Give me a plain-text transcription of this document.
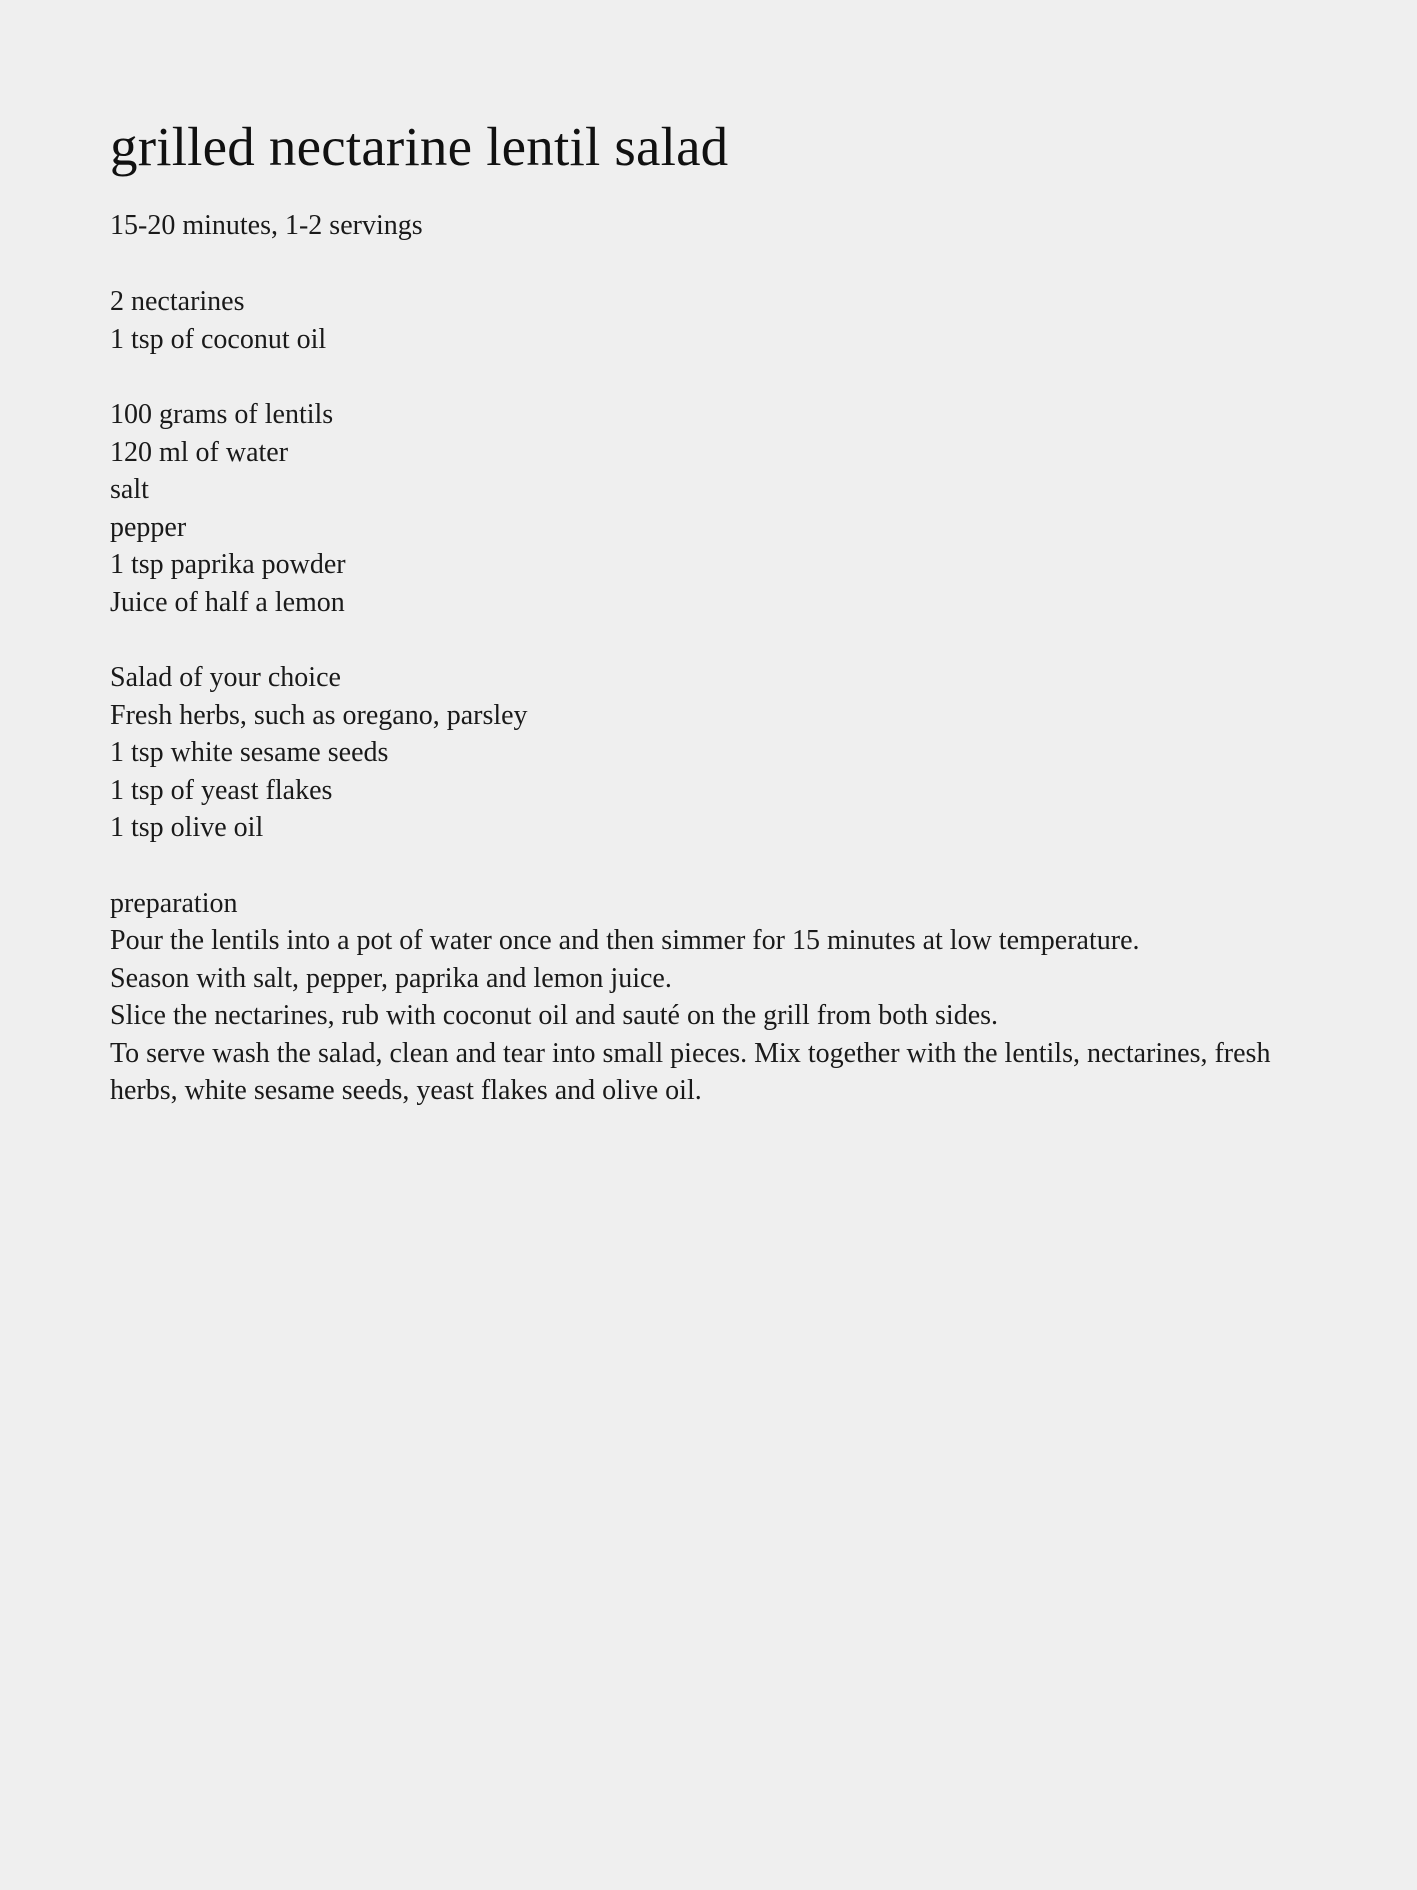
grilled nectarine lentil salad

15-20 minutes, 1-2 servings

2 nectarines
1 tsp of coconut oil
100 grams of lentils
120 ml of water
salt
pepper
1 tsp paprika powder
Juice of half a lemon
Salad of your choice
Fresh herbs, such as oregano, parsley
1 tsp white sesame seeds
1 tsp of yeast flakes
1 tsp olive oil
preparation
Pour the lentils into a pot of water once and then simmer for 15 minutes at low temperature.
Season with salt, pepper, paprika and lemon juice.
Slice the nectarines, rub with coconut oil and sauté on the grill from both sides.
To serve wash the salad, clean and tear into small pieces. Mix together with the lentils, nectarines, fresh herbs, white sesame seeds, yeast flakes and olive oil.
